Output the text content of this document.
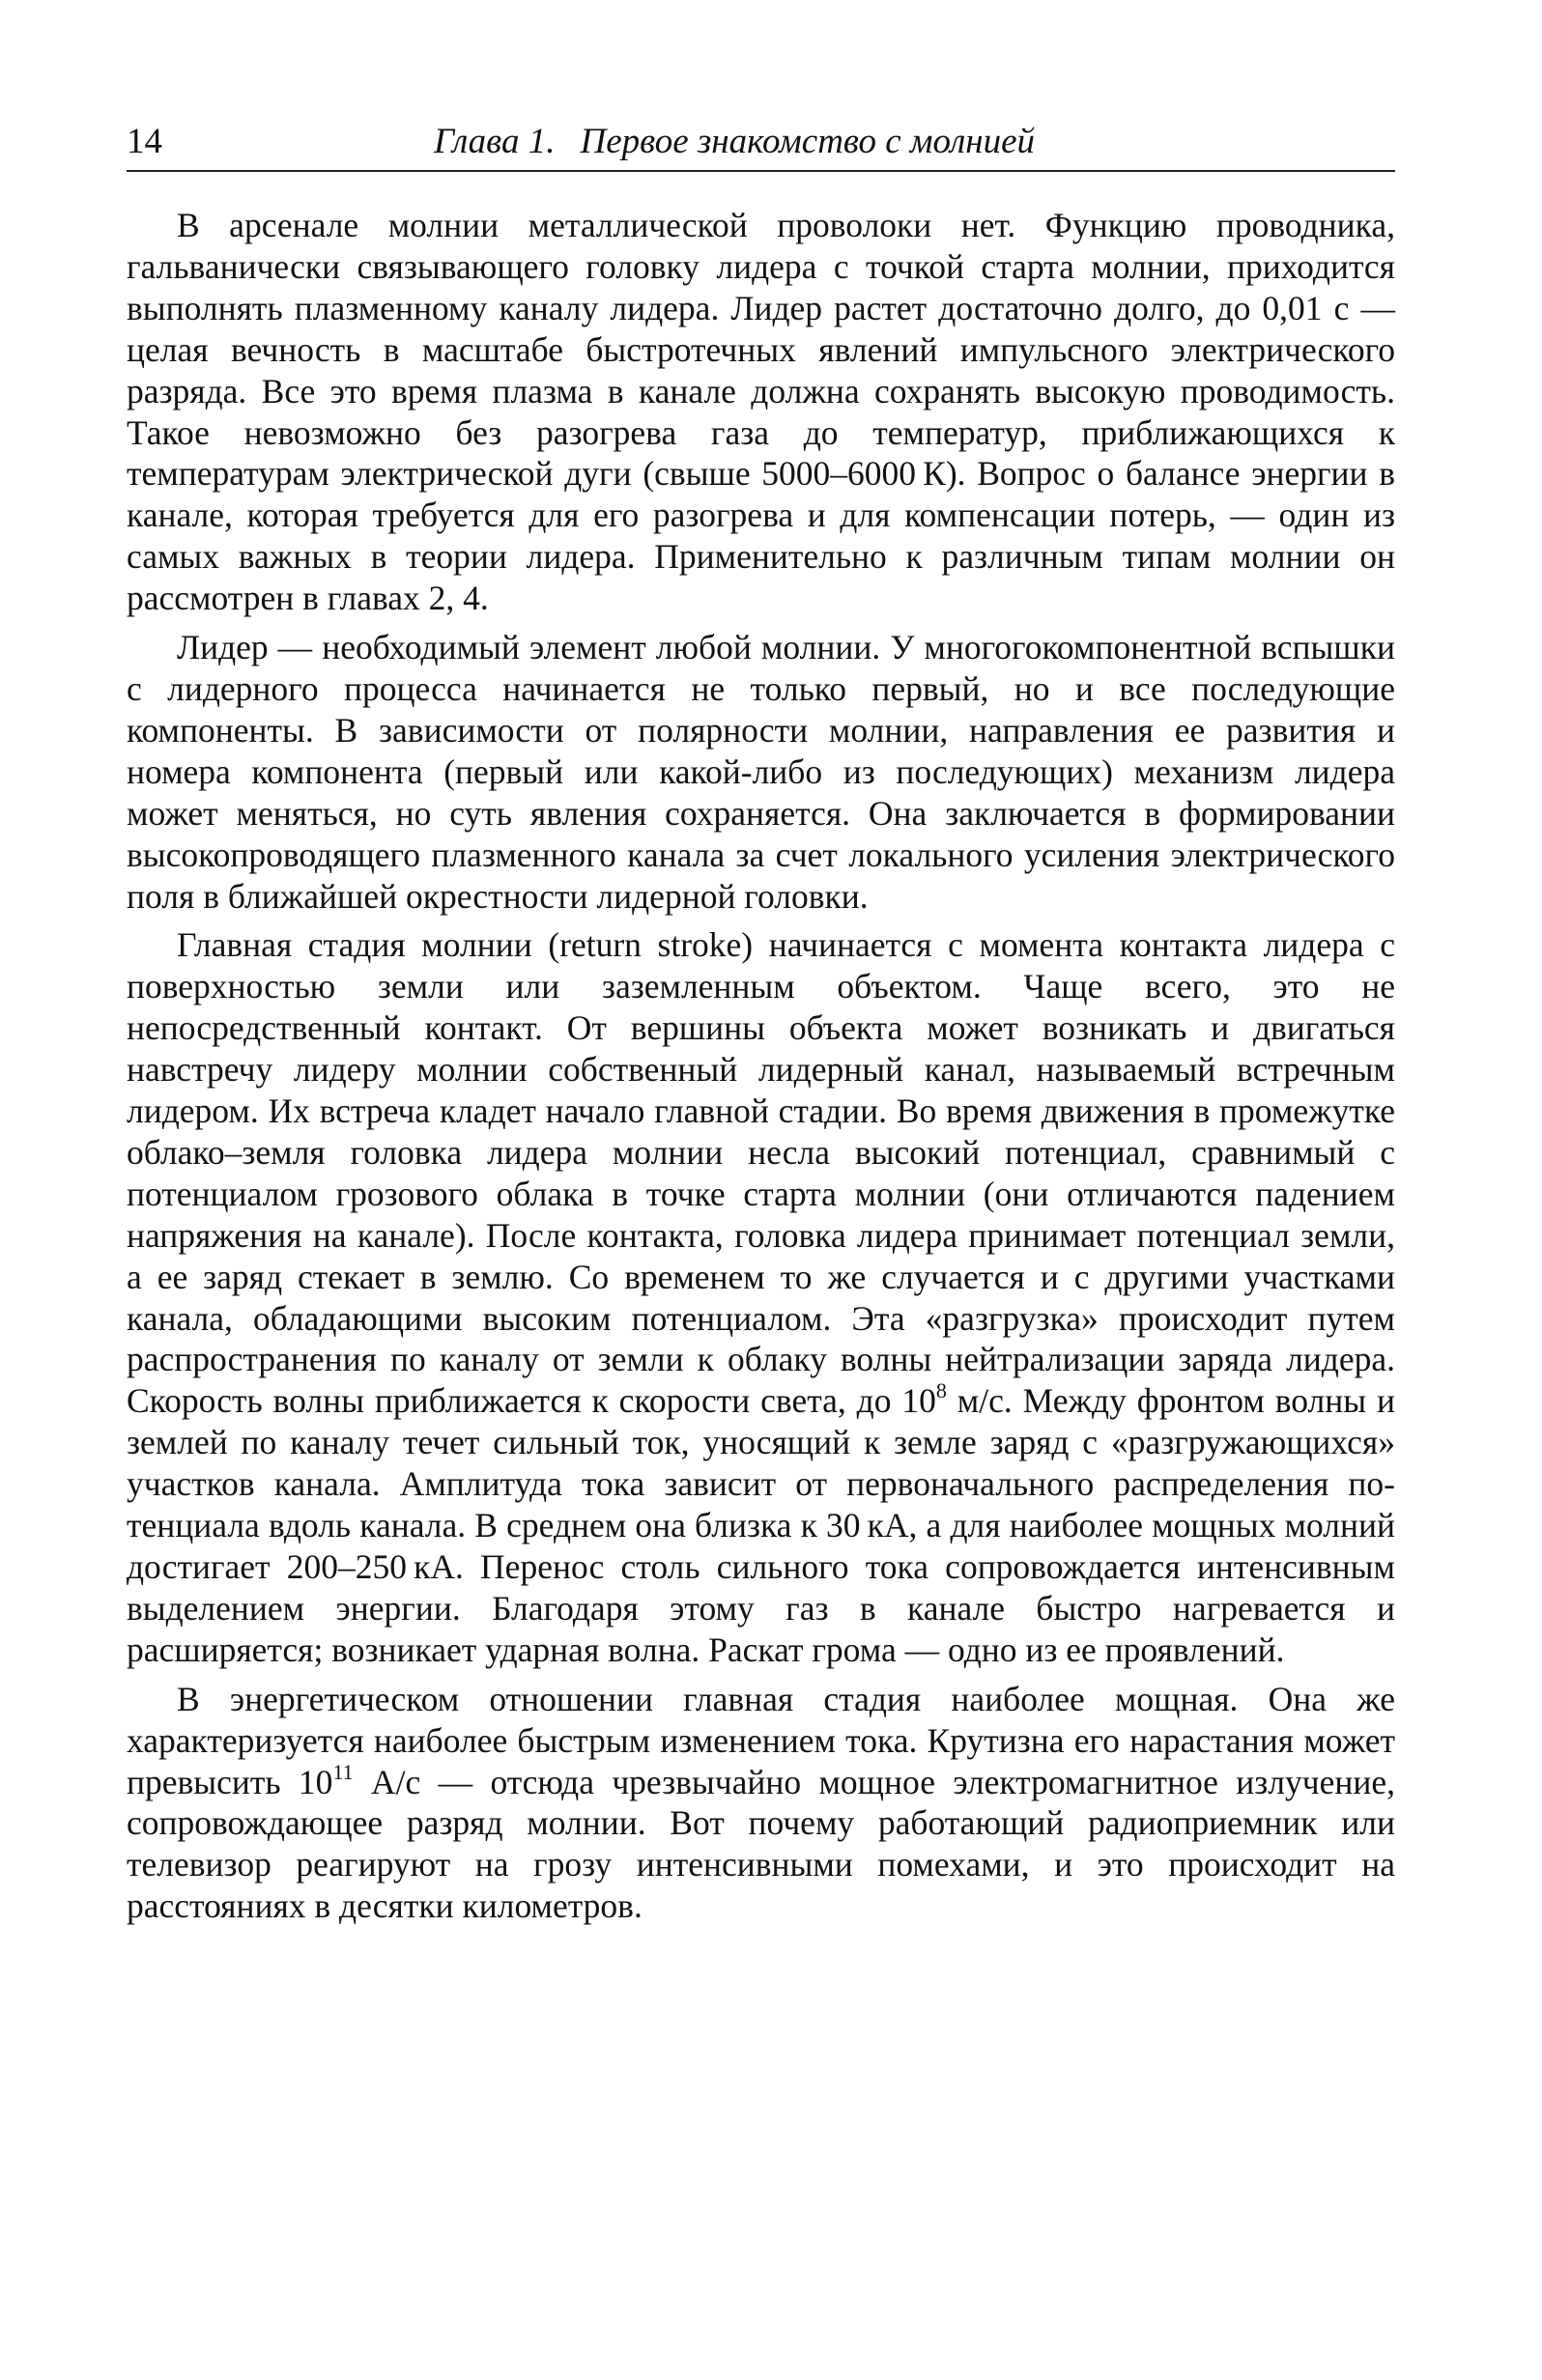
14	Глава 1. Первое знакомство с молнией

В арсенале молнии металлической проволоки нет. Функцию проводника, гальванически связывающего головку лидера с точкой старта молнии, приходится выполнять плазменному каналу лидера. Лидер растет достаточно долго, до 0,01 с — целая вечность в масштабе быстротечных явлений импульсного электрического разряда. Все это время плазма в канале должна сохранять высокую проводимость. Такое невозможно без разогрева газа до температур, приближающихся к температурам электрической дуги (свыше 5000–6000 К). Вопрос о балансе энергии в канале, которая требуется для его разогрева и для компенсации потерь, — один из самых важных в теории лидера. Применительно к различным типам молнии он рассмотрен в главах 2, 4.

Лидер — необходимый элемент любой молнии. У многогокомпонентной вспышки с лидерного процесса начинается не только первый, но и все последующие компоненты. В зависимости от полярности молнии, направления ее развития и номера компонента (первый или какой-либо из последующих) механизм лидера может меняться, но суть явления сохраняется. Она заключается в формировании высокопроводящего плазменного канала за счет локального усиления электрического поля в ближайшей окрестности лидерной головки.

Главная стадия молнии (return stroke) начинается с момента контакта лидера с поверхностью земли или заземленным объектом. Чаще всего, это не непосредственный контакт. От вершины объекта может возникать и двигаться навстречу лидеру молнии собственный лидерный канал, называемый встречным лидером. Их встреча кладет начало главной стадии. Во время движения в промежутке облако–земля головка лидера молнии несла высокий потенциал, сравнимый с потенциалом грозового облака в точке старта молнии (они отличаются падением напряжения на канале). После контакта, головка лидера принимает потенциал земли, а ее заряд стекает в землю. Со временем то же случается и с другими участками канала, обладающими высоким потенциалом. Эта «разгрузка» происходит путем распространения по каналу от земли к облаку волны нейтрализации заряда лидера. Скорость волны приближается к скорости света, до $10^8$ м/с. Между фронтом волны и землей по каналу течет сильный ток, уносящий к земле заряд с «разгружающихся» участков канала. Амплитуда тока зависит от первоначального распределения потенциала вдоль канала. В среднем она близка к 30 кА, а для наиболее мощных молний достигает 200–250 кА. Перенос столь сильного тока сопровождается интенсивным выделением энергии. Благодаря этому газ в канале быстро нагревается и расширяется; возникает ударная волна. Раскат грома — одно из ее проявлений.

В энергетическом отношении главная стадия наиболее мощная. Она же характеризуется наиболее быстрым изменением тока. Крутизна его нарастания может превысить $10^{11}$ А/с — отсюда чрезвычайно мощное электромагнитное излучение, сопровождающее разряд молнии. Вот почему работающий радиоприемник или телевизор реагируют на грозу интенсивными помехами, и это происходит на расстояниях в десятки километров.
